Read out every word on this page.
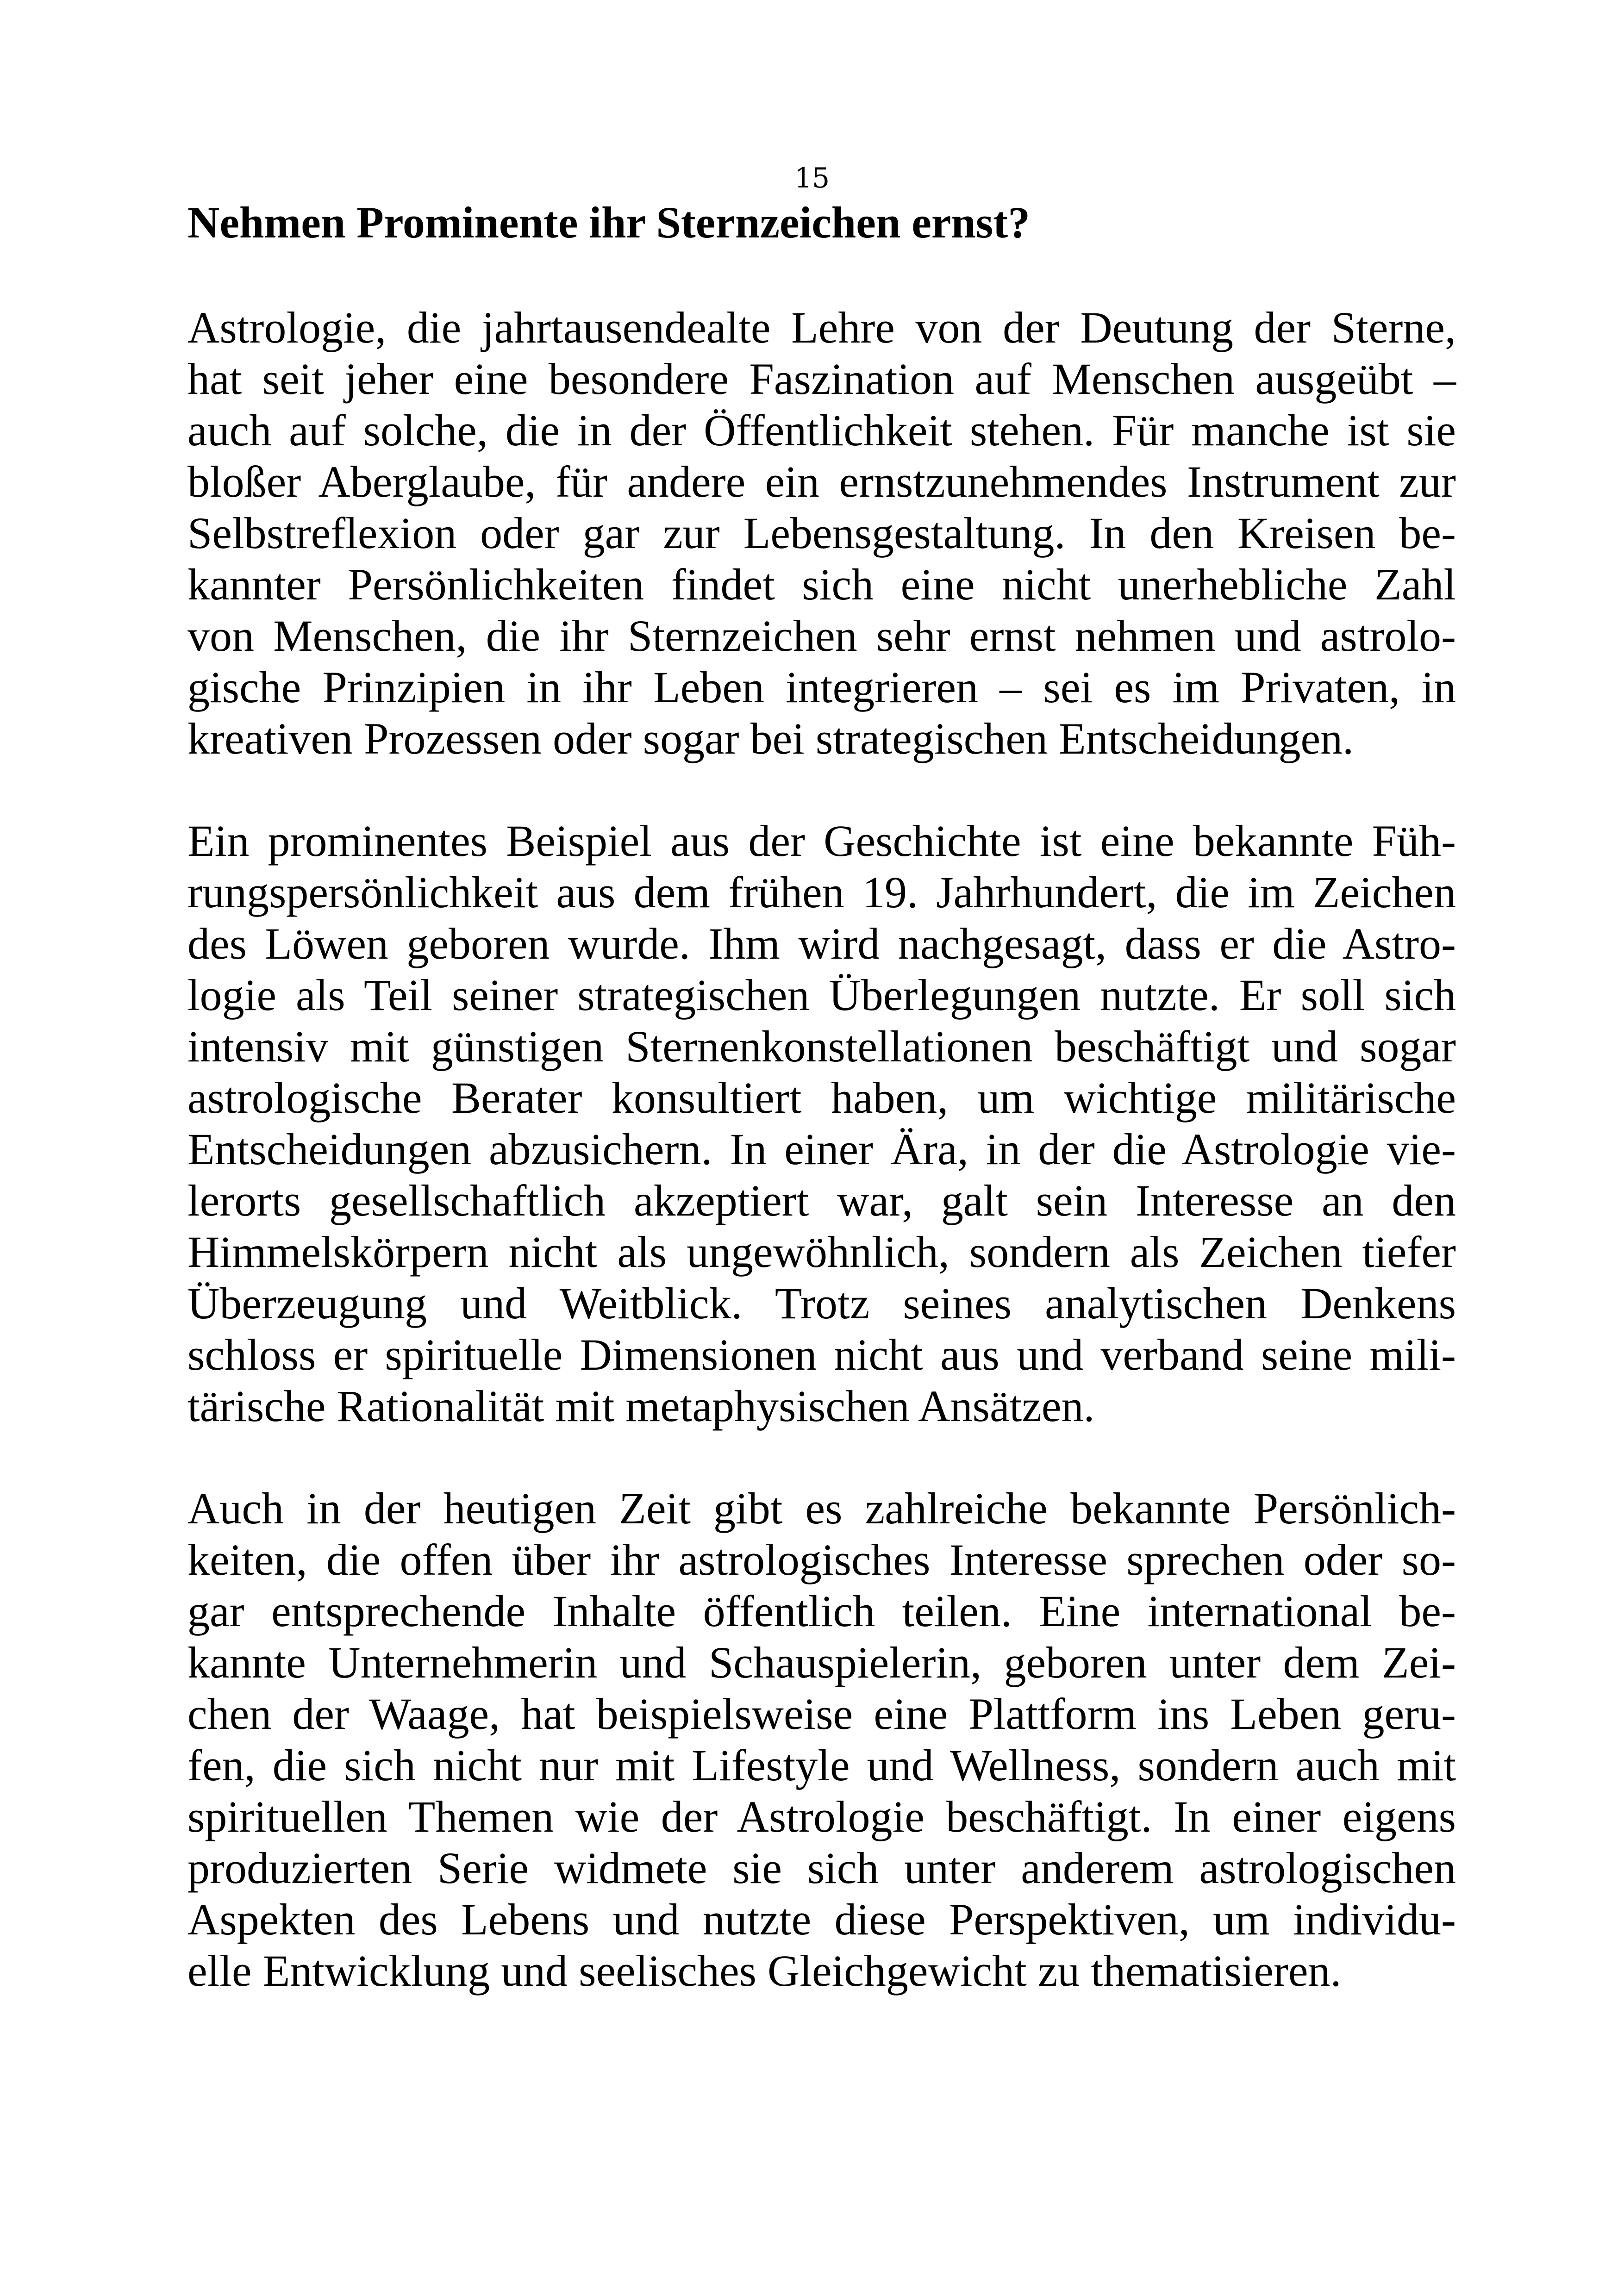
15
Nehmen Prominente ihr Sternzeichen ernst?
Astrologie, die jahrtausendealte Lehre von der Deutung der Sterne,
hat seit jeher eine besondere Faszination auf Menschen ausgeübt –
auch auf solche, die in der Öffentlichkeit stehen. Für manche ist sie
bloßer Aberglaube, für andere ein ernstzunehmendes Instrument zur
Selbstreflexion oder gar zur Lebensgestaltung. In den Kreisen be-
kannter Persönlichkeiten findet sich eine nicht unerhebliche Zahl
von Menschen, die ihr Sternzeichen sehr ernst nehmen und astrolo-
gische Prinzipien in ihr Leben integrieren – sei es im Privaten, in
kreativen Prozessen oder sogar bei strategischen Entscheidungen.
Ein prominentes Beispiel aus der Geschichte ist eine bekannte Füh-
rungspersönlichkeit aus dem frühen 19. Jahrhundert, die im Zeichen
des Löwen geboren wurde. Ihm wird nachgesagt, dass er die Astro-
logie als Teil seiner strategischen Überlegungen nutzte. Er soll sich
intensiv mit günstigen Sternenkonstellationen beschäftigt und sogar
astrologische Berater konsultiert haben, um wichtige militärische
Entscheidungen abzusichern. In einer Ära, in der die Astrologie vie-
lerorts gesellschaftlich akzeptiert war, galt sein Interesse an den
Himmelskörpern nicht als ungewöhnlich, sondern als Zeichen tiefer
Überzeugung und Weitblick. Trotz seines analytischen Denkens
schloss er spirituelle Dimensionen nicht aus und verband seine mili-
tärische Rationalität mit metaphysischen Ansätzen.
Auch in der heutigen Zeit gibt es zahlreiche bekannte Persönlich-
keiten, die offen über ihr astrologisches Interesse sprechen oder so-
gar entsprechende Inhalte öffentlich teilen. Eine international be-
kannte Unternehmerin und Schauspielerin, geboren unter dem Zei-
chen der Waage, hat beispielsweise eine Plattform ins Leben geru-
fen, die sich nicht nur mit Lifestyle und Wellness, sondern auch mit
spirituellen Themen wie der Astrologie beschäftigt. In einer eigens
produzierten Serie widmete sie sich unter anderem astrologischen
Aspekten des Lebens und nutzte diese Perspektiven, um individu-
elle Entwicklung und seelisches Gleichgewicht zu thematisieren.
